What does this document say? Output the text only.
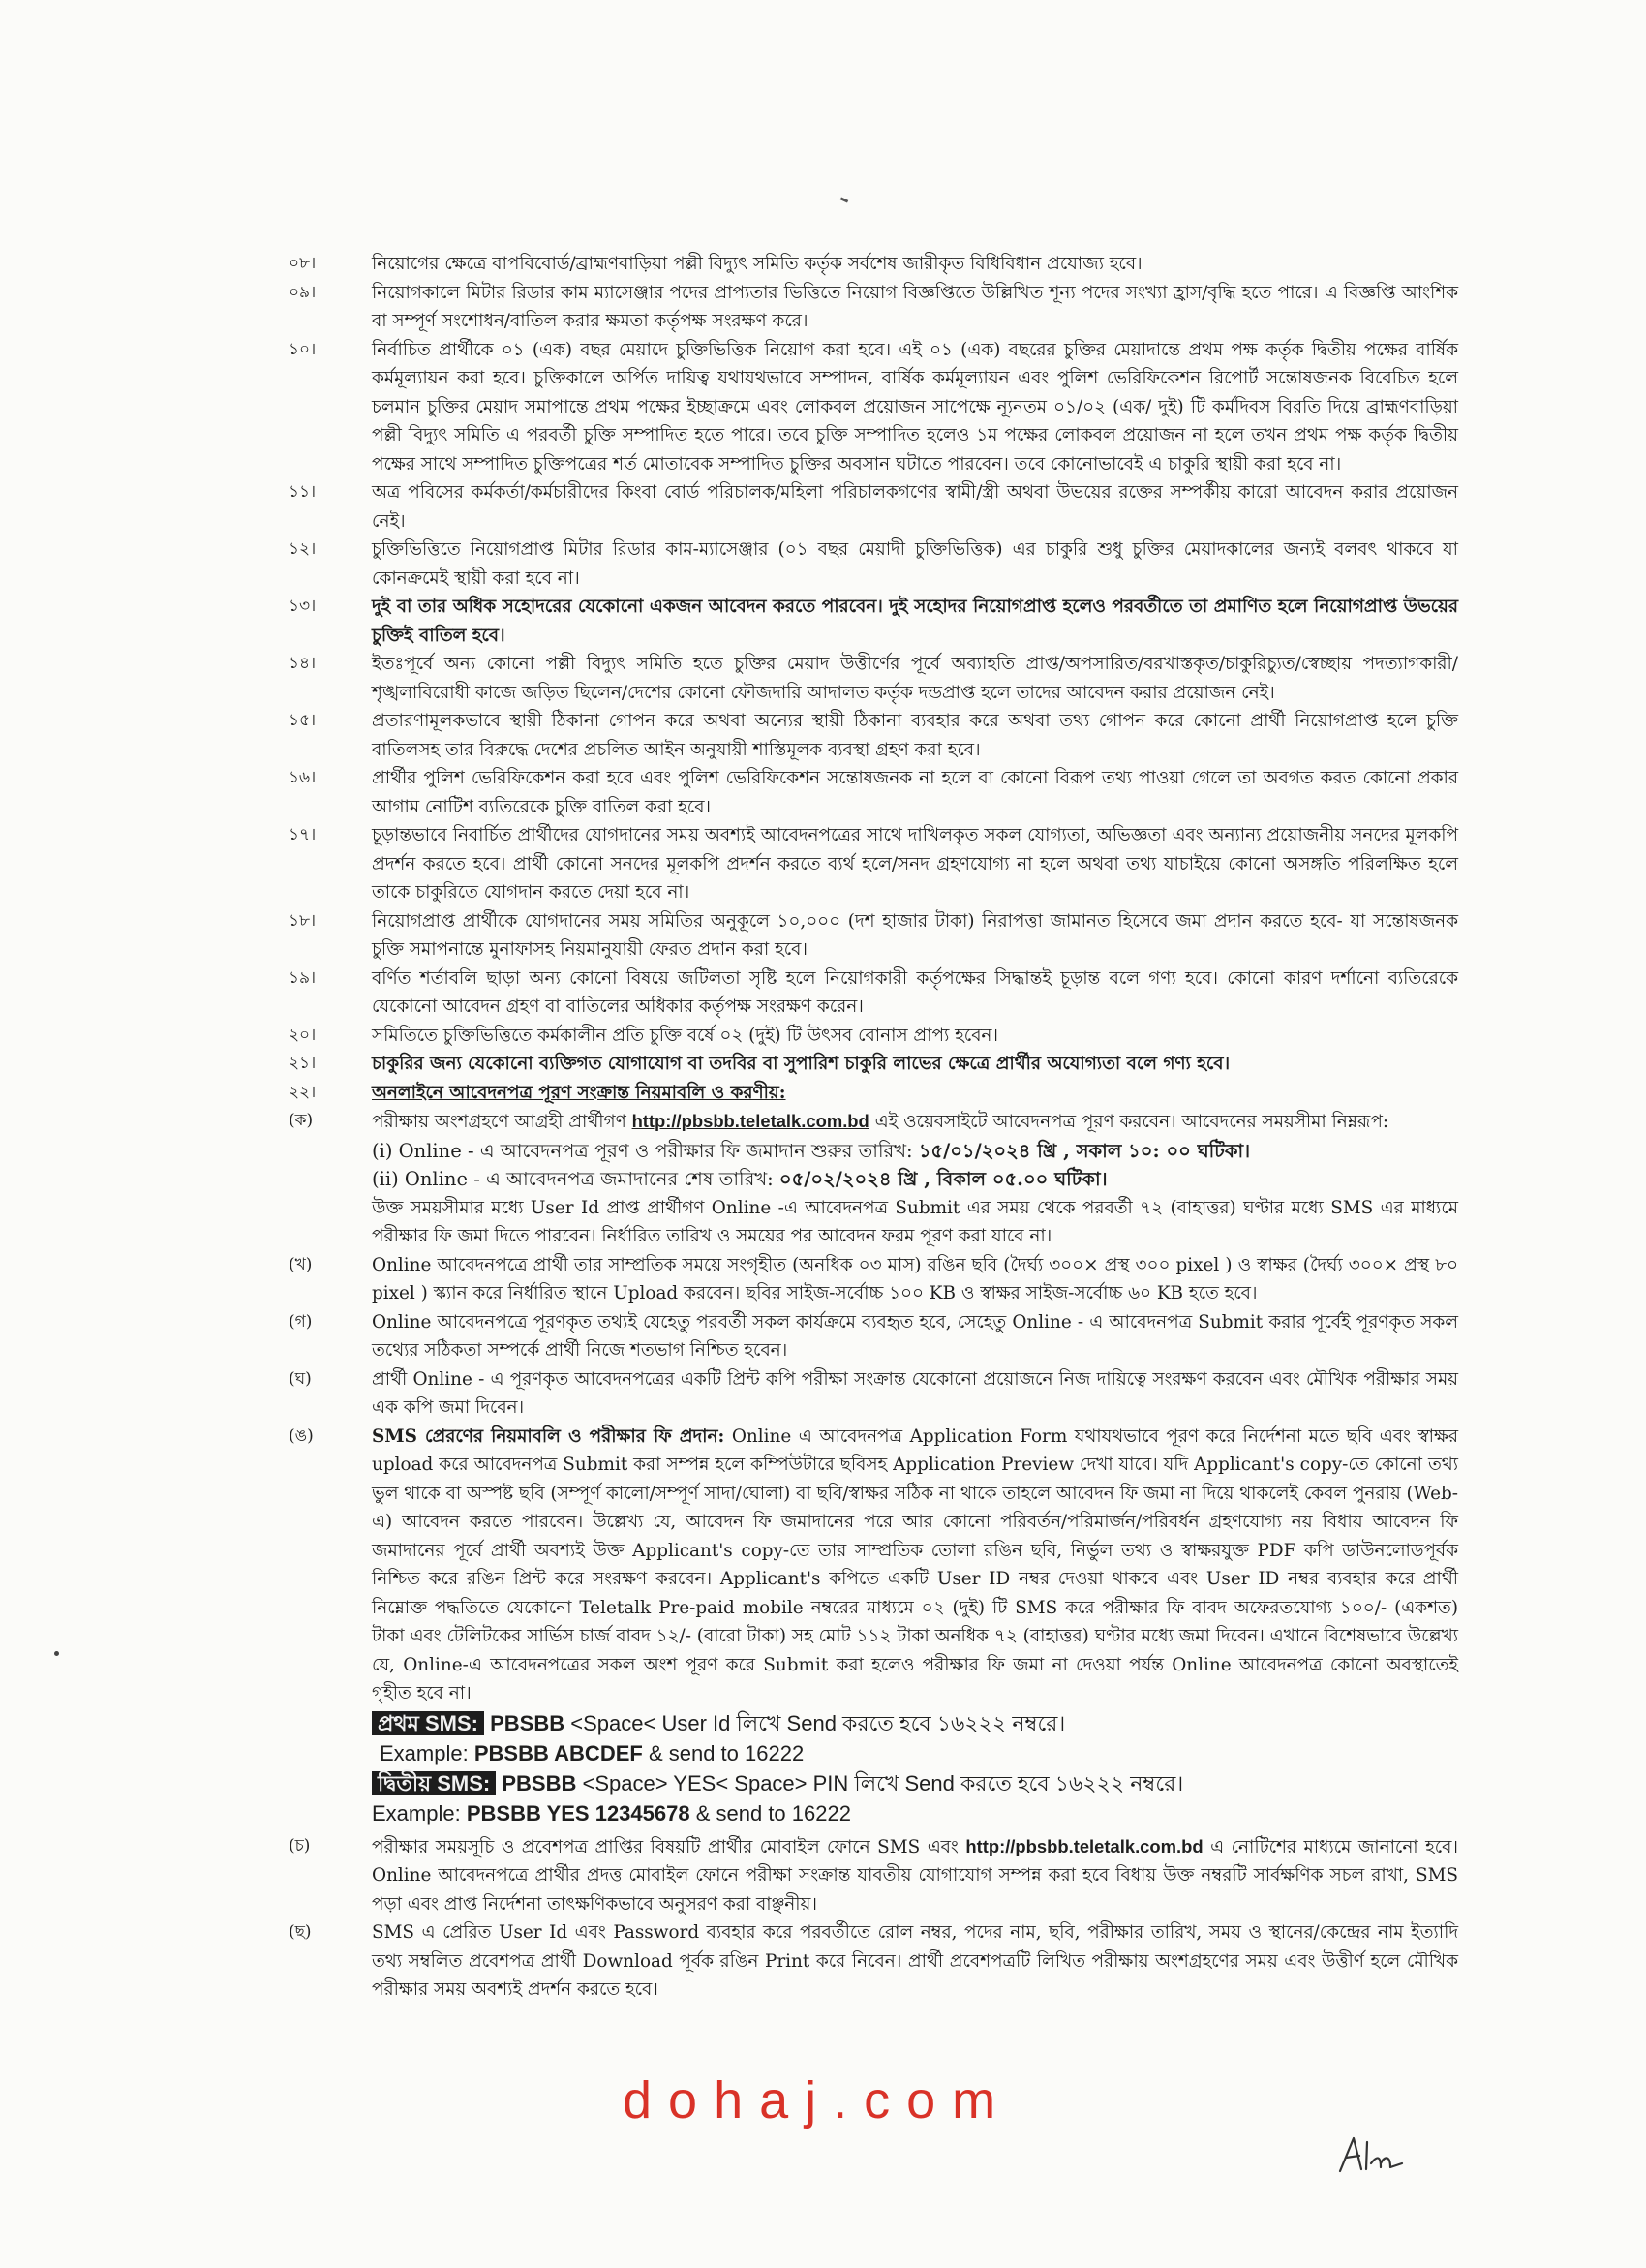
০৮।	নিয়োগের ক্ষেত্রে বাপবিবোর্ড/ব্রাহ্মণবাড়িয়া পল্লী বিদ্যুৎ সমিতি কর্তৃক সর্বশেষ জারীকৃত বিধিবিধান প্রযোজ্য হবে।
০৯।	নিয়োগকালে মিটার রিডার কাম ম্যাসেঞ্জার পদের প্রাপ্যতার ভিত্তিতে নিয়োগ বিজ্ঞপ্তিতে উল্লিখিত শূন্য পদের সংখ্যা হ্রাস/বৃদ্ধি হতে পারে। এ বিজ্ঞপ্তি আংশিক বা সম্পূর্ণ সংশোধন/বাতিল করার ক্ষমতা কর্তৃপক্ষ সংরক্ষণ করে।
১০।	নির্বাচিত প্রার্থীকে ০১ (এক) বছর মেয়াদে চুক্তিভিত্তিক নিয়োগ করা হবে। এই ০১ (এক) বছরের চুক্তির মেয়াদান্তে প্রথম পক্ষ কর্তৃক দ্বিতীয় পক্ষের বার্ষিক কর্মমূল্যায়ন করা হবে। চুক্তিকালে অর্পিত দায়িত্ব যথাযথভাবে সম্পাদন, বার্ষিক কর্মমূল্যায়ন এবং পুলিশ ভেরিফিকেশন রিপোর্ট সন্তোষজনক বিবেচিত হলে চলমান চুক্তির মেয়াদ সমাপান্তে প্রথম পক্ষের ইচ্ছাক্রমে এবং লোকবল প্রয়োজন সাপেক্ষে ন্যূনতম ০১/০২ (এক/ দুই) টি কর্মদিবস বিরতি দিয়ে ব্রাহ্মণবাড়িয়া পল্লী বিদ্যুৎ সমিতি এ পরবর্তী চুক্তি সম্পাদিত হতে পারে। তবে চুক্তি সম্পাদিত হলেও ১ম পক্ষের লোকবল প্রয়োজন না হলে তখন প্রথম পক্ষ কর্তৃক দ্বিতীয় পক্ষের সাথে সম্পাদিত চুক্তিপত্রের শর্ত মোতাবেক সম্পাদিত চুক্তির অবসান ঘটাতে পারবেন। তবে কোনোভাবেই এ চাকুরি স্থায়ী করা হবে না।
১১।	অত্র পবিসের কর্মকর্তা/কর্মচারীদের কিংবা বোর্ড পরিচালক/মহিলা পরিচালকগণের স্বামী/স্ত্রী অথবা উভয়ের রক্তের সম্পর্কীয় কারো আবেদন করার প্রয়োজন নেই।
১২।	চুক্তিভিত্তিতে নিয়োগপ্রাপ্ত মিটার রিডার কাম-ম্যাসেঞ্জার (০১ বছর মেয়াদী চুক্তিভিত্তিক) এর চাকুরি শুধু চুক্তির মেয়াদকালের জন্যই বলবৎ থাকবে যা কোনক্রমেই স্থায়ী করা হবে না।
১৩।	দুই বা তার অধিক সহোদরের যেকোনো একজন আবেদন করতে পারবেন। দুই সহোদর নিয়োগপ্রাপ্ত হলেও পরবর্তীতে তা প্রমাণিত হলে নিয়োগপ্রাপ্ত উভয়ের চুক্তিই বাতিল হবে।
১৪।	ইতঃপূর্বে অন্য কোনো পল্লী বিদ্যুৎ সমিতি হতে চুক্তির মেয়াদ উত্তীর্ণের পূর্বে অব্যাহতি প্রাপ্ত/অপসারিত/বরখাস্তকৃত/চাকুরিচ্যুত/স্বেচ্ছায় পদত্যাগকারী/শৃঙ্খলাবিরোধী কাজে জড়িত ছিলেন/দেশের কোনো ফৌজদারি আদালত কর্তৃক দন্ডপ্রাপ্ত হলে তাদের আবেদন করার প্রয়োজন নেই।
১৫।	প্রতারণামূলকভাবে স্থায়ী ঠিকানা গোপন করে অথবা অন্যের স্থায়ী ঠিকানা ব্যবহার করে অথবা তথ্য গোপন করে কোনো প্রার্থী নিয়োগপ্রাপ্ত হলে চুক্তি বাতিলসহ তার বিরুদ্ধে দেশের প্রচলিত আইন অনুযায়ী শাস্তিমূলক ব্যবস্থা গ্রহণ করা হবে।
১৬।	প্রার্থীর পুলিশ ভেরিফিকেশন করা হবে এবং পুলিশ ভেরিফিকেশন সন্তোষজনক না হলে বা কোনো বিরূপ তথ্য পাওয়া গেলে তা অবগত করত কোনো প্রকার আগাম নোটিশ ব্যতিরেকে চুক্তি বাতিল করা হবে।
১৭।	চূড়ান্তভাবে নিবার্চিত প্রার্থীদের যোগদানের সময় অবশ্যই আবেদনপত্রের সাথে দাখিলকৃত সকল যোগ্যতা, অভিজ্ঞতা এবং অন্যান্য প্রয়োজনীয় সনদের মূলকপি প্রদর্শন করতে হবে। প্রার্থী কোনো সনদের মূলকপি প্রদর্শন করতে ব্যর্থ হলে/সনদ গ্রহণযোগ্য না হলে অথবা তথ্য যাচাইয়ে কোনো অসঙ্গতি পরিলক্ষিত হলে তাকে চাকুরিতে যোগদান করতে দেয়া হবে না।
১৮।	নিয়োগপ্রাপ্ত প্রার্থীকে যোগদানের সময় সমিতির অনুকূলে ১০,০০০ (দশ হাজার টাকা) নিরাপত্তা জামানত হিসেবে জমা প্রদান করতে হবে- যা সন্তোষজনক চুক্তি সমাপনান্তে মুনাফাসহ নিয়মানুযায়ী ফেরত প্রদান করা হবে।
১৯।	বর্ণিত শর্তাবলি ছাড়া অন্য কোনো বিষয়ে জটিলতা সৃষ্টি হলে নিয়োগকারী কর্তৃপক্ষের সিদ্ধান্তই চূড়ান্ত বলে গণ্য হবে। কোনো কারণ দর্শানো ব্যতিরেকে যেকোনো আবেদন গ্রহণ বা বাতিলের অধিকার কর্তৃপক্ষ সংরক্ষণ করেন।
২০।	সমিতিতে চুক্তিভিত্তিতে কর্মকালীন প্রতি চুক্তি বর্ষে ০২ (দুই) টি উৎসব বোনাস প্রাপ্য হবেন।
২১।	চাকুরির জন্য যেকোনো ব্যক্তিগত যোগাযোগ বা তদবির বা সুপারিশ চাকুরি লাভের ক্ষেত্রে প্রার্থীর অযোগ্যতা বলে গণ্য হবে।
২২।	অনলাইনে আবেদনপত্র পূরণ সংক্রান্ত নিয়মাবলি ও করণীয়:
(ক)	পরীক্ষায় অংশগ্রহণে আগ্রহী প্রার্থীগণ http://pbsbb.teletalk.com.bd এই ওয়েবসাইটে আবেদনপত্র পূরণ করবেন। আবেদনের সময়সীমা নিম্নরূপ:
(i) Online - এ আবেদনপত্র পূরণ ও পরীক্ষার ফি জমাদান শুরুর তারিখ: ১৫/০১/২০২৪ খ্রি , সকাল ১০: ০০ ঘটিকা।
(ii) Online - এ আবেদনপত্র জমাদানের শেষ তারিখ: ০৫/০২/২০২৪ খ্রি , বিকাল ০৫.০০ ঘটিকা।
উক্ত সময়সীমার মধ্যে User Id প্রাপ্ত প্রার্থীগণ Online -এ আবেদনপত্র Submit এর সময় থেকে পরবর্তী ৭২ (বাহাত্তর) ঘণ্টার মধ্যে SMS এর মাধ্যমে পরীক্ষার ফি জমা দিতে পারবেন। নির্ধারিত তারিখ ও সময়ের পর আবেদন ফরম পূরণ করা যাবে না।
(খ)	Online আবেদনপত্রে প্রার্থী তার সাম্প্রতিক সময়ে সংগৃহীত (অনধিক ০৩ মাস) রঙিন ছবি (দৈর্ঘ্য ৩০০× প্রস্থ ৩০০ pixel ) ও স্বাক্ষর (দৈর্ঘ্য ৩০০× প্রস্থ ৮০ pixel ) স্ক্যান করে নির্ধারিত স্থানে Upload করবেন। ছবির সাইজ-সর্বোচ্চ ১০০ KB ও স্বাক্ষর সাইজ-সর্বোচ্চ ৬০ KB হতে হবে।
(গ)	Online আবেদনপত্রে পূরণকৃত তথ্যই যেহেতু পরবর্তী সকল কার্যক্রমে ব্যবহৃত হবে, সেহেতু Online - এ আবেদনপত্র Submit করার পূর্বেই পূরণকৃত সকল তথ্যের সঠিকতা সম্পর্কে প্রার্থী নিজে শতভাগ নিশ্চিত হবেন।
(ঘ)	প্রার্থী Online - এ পূরণকৃত আবেদনপত্রের একটি প্রিন্ট কপি পরীক্ষা সংক্রান্ত যেকোনো প্রয়োজনে নিজ দায়িত্বে সংরক্ষণ করবেন এবং মৌখিক পরীক্ষার সময় এক কপি জমা দিবেন।
(ঙ)	SMS প্রেরণের নিয়মাবলি ও পরীক্ষার ফি প্রদান: Online এ আবেদনপত্র Application Form যথাযথভাবে পূরণ করে নির্দেশনা মতে ছবি এবং স্বাক্ষর upload করে আবেদনপত্র Submit করা সম্পন্ন হলে কম্পিউটারে ছবিসহ Application Preview দেখা যাবে। যদি Applicant's copy-তে কোনো তথ্য ভুল থাকে বা অস্পষ্ট ছবি (সম্পূর্ণ কালো/সম্পূর্ণ সাদা/ঘোলা) বা ছবি/স্বাক্ষর সঠিক না থাকে তাহলে আবেদন ফি জমা না দিয়ে থাকলেই কেবল পুনরায় (Web-এ) আবেদন করতে পারবেন। উল্লেখ্য যে, আবেদন ফি জমাদানের পরে আর কোনো পরিবর্তন/পরিমার্জন/পরিবর্ধন গ্রহণযোগ্য নয় বিধায় আবেদন ফি জমাদানের পূর্বে প্রার্থী অবশ্যই উক্ত Applicant's copy-তে তার সাম্প্রতিক তোলা রঙিন ছবি, নির্ভুল তথ্য ও স্বাক্ষরযুক্ত PDF কপি ডাউনলোডপূর্বক নিশ্চিত করে রঙিন প্রিন্ট করে সংরক্ষণ করবেন। Applicant's কপিতে একটি User ID নম্বর দেওয়া থাকবে এবং User ID নম্বর ব্যবহার করে প্রার্থী নিম্নোক্ত পদ্ধতিতে যেকোনো Teletalk Pre-paid mobile নম্বরের মাধ্যমে ০২ (দুই) টি SMS করে পরীক্ষার ফি বাবদ অফেরতযোগ্য ১০০/- (একশত) টাকা এবং টেলিটকের সার্ভিস চার্জ বাবদ ১২/- (বারো টাকা) সহ মোট ১১২ টাকা অনধিক ৭২ (বাহাত্তর) ঘণ্টার মধ্যে জমা দিবেন। এখানে বিশেষভাবে উল্লেখ্য যে, Online-এ আবেদনপত্রের সকল অংশ পূরণ করে Submit করা হলেও পরীক্ষার ফি জমা না দেওয়া পর্যন্ত Online আবেদনপত্র কোনো অবস্থাতেই গৃহীত হবে না।
প্রথম SMS: PBSBB <Space< User Id লিখে Send করতে হবে ১৬২২২ নম্বরে।
Example: PBSBB ABCDEF & send to 16222
দ্বিতীয় SMS: PBSBB <Space> YES< Space> PIN লিখে Send করতে হবে ১৬২২২ নম্বরে।
Example: PBSBB YES 12345678 & send to 16222
(চ)	পরীক্ষার সময়সূচি ও প্রবেশপত্র প্রাপ্তির বিষয়টি প্রার্থীর মোবাইল ফোনে SMS এবং http://pbsbb.teletalk.com.bd এ নোটিশের মাধ্যমে জানানো হবে। Online আবেদনপত্রে প্রার্থীর প্রদত্ত মোবাইল ফোনে পরীক্ষা সংক্রান্ত যাবতীয় যোগাযোগ সম্পন্ন করা হবে বিধায় উক্ত নম্বরটি সার্বক্ষণিক সচল রাখা, SMS পড়া এবং প্রাপ্ত নির্দেশনা তাৎক্ষণিকভাবে অনুসরণ করা বাঞ্ছনীয়।
(ছ)	SMS এ প্রেরিত User Id এবং Password ব্যবহার করে পরবর্তীতে রোল নম্বর, পদের নাম, ছবি, পরীক্ষার তারিখ, সময় ও স্থানের/কেন্দ্রের নাম ইত্যাদি তথ্য সম্বলিত প্রবেশপত্র প্রার্থী Download পূর্বক রঙিন Print করে নিবেন। প্রার্থী প্রবেশপত্রটি লিখিত পরীক্ষায় অংশগ্রহণের সময় এবং উত্তীর্ণ হলে মৌখিক পরীক্ষার সময় অবশ্যই প্রদর্শন করতে হবে।
dohaj.com
